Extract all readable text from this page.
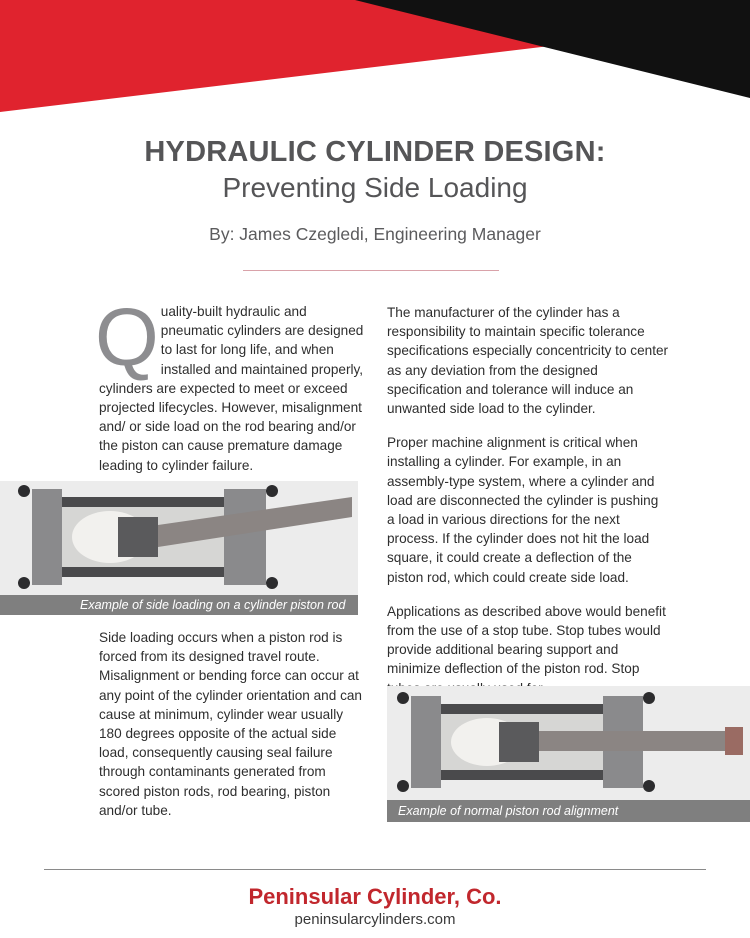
HYDRAULIC CYLINDER DESIGN:
Preventing Side Loading
By: James Czegledi, Engineering Manager
Q uality-built hydraulic and pneumatic cylinders are designed to last for long life, and when installed and maintained properly, cylinders are expected to meet or exceed projected lifecycles. However, misalignment and/ or side load on the rod bearing and/or the piston can cause premature damage leading to cylinder failure.

Example of side loading on a cylinder piston rod

Side loading occurs when a piston rod is forced from its designed travel route. Misalignment or bending force can occur at any point of the cylinder orientation and can cause at minimum, cylinder wear usually 180 degrees opposite of the actual side load, consequently causing seal failure through contaminants generated from scored piston rods, rod bearing, piston and/or tube.

The manufacturer of the cylinder has a responsibility to maintain specific tolerance specifications especially concentricity to center as any deviation from the designed specification and tolerance will induce an unwanted side load to the cylinder.

Proper machine alignment is critical when installing a cylinder. For example, in an assembly-type system, where a cylinder and load are disconnected the cylinder is pushing a load in various directions for the next process. If the cylinder does not hit the load square, it could create a deflection of the piston rod, which could create side load.

Applications as described above would benefit from the use of a stop tube. Stop tubes would provide additional bearing support and minimize deflection of the piston rod. Stop

Example of normal piston rod alignment
Peninsular Cylinder, Co.
peninsularcylinders.com
